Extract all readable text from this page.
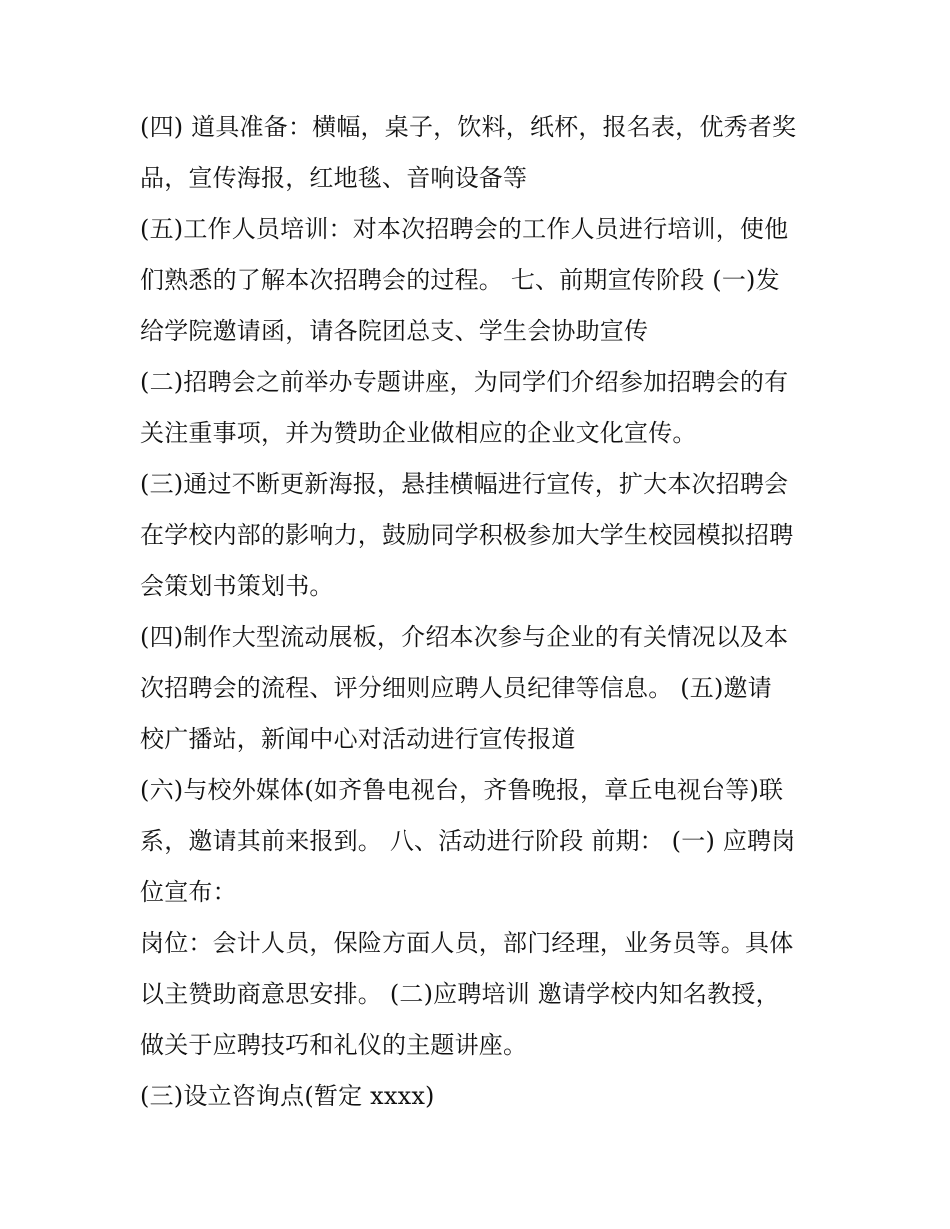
(四) 道具准备：横幅，桌子，饮料，纸杯，报名表，优秀者奖
品，宣传海报，红地毯、音响设备等
(五)工作人员培训：对本次招聘会的工作人员进行培训，使他
们熟悉的了解本次招聘会的过程。 七、前期宣传阶段 (一)发
给学院邀请函，请各院团总支、学生会协助宣传
(二)招聘会之前举办专题讲座，为同学们介绍参加招聘会的有
关注重事项，并为赞助企业做相应的企业文化宣传。
(三)通过不断更新海报，悬挂横幅进行宣传，扩大本次招聘会
在学校内部的影响力，鼓励同学积极参加大学生校园模拟招聘
会策划书策划书。
(四)制作大型流动展板，介绍本次参与企业的有关情况以及本
次招聘会的流程、评分细则应聘人员纪律等信息。 (五)邀请
校广播站，新闻中心对活动进行宣传报道
(六)与校外媒体(如齐鲁电视台，齐鲁晚报，章丘电视台等)联
系，邀请其前来报到。 八、活动进行阶段 前期： (一) 应聘岗
位宣布：
岗位：会计人员，保险方面人员，部门经理，业务员等。具体
以主赞助商意思安排。 (二)应聘培训 邀请学校内知名教授，
做关于应聘技巧和礼仪的主题讲座。
(三)设立咨询点(暂定 xxxx)
